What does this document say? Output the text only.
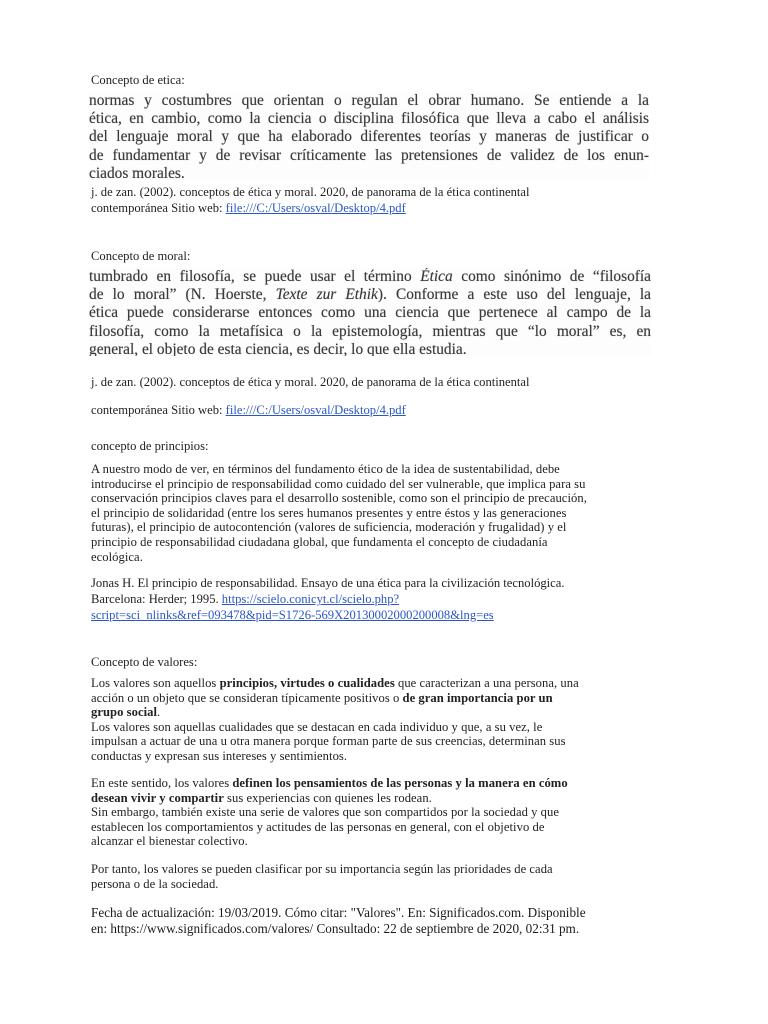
Concepto de etica:
normas y costumbres que orientan o regulan el obrar humano. Se entiende a la
ética, en cambio, como la ciencia o disciplina filosófica que lleva a cabo el análisis
del lenguaje moral y que ha elaborado diferentes teorías y maneras de justificar o
de fundamentar y de revisar críticamente las pretensiones de validez de los enun-
ciados morales.
j. de zan. (2002). conceptos de ética y moral. 2020, de panorama de la ética continental
contemporánea Sitio web: file:///C:/Users/osval/Desktop/4.pdf
Concepto de moral:
tumbrado en filosofía, se puede usar el término Ética como sinónimo de “filosofía
de lo moral” (N. Hoerste, Texte zur Ethik). Conforme a este uso del lenguaje, la
ética puede considerarse entonces como una ciencia que pertenece al campo de la
filosofía, como la metafísica o la epistemología, mientras que “lo moral” es, en
general, el objeto de esta ciencia, es decir, lo que ella estudia.
j. de zan. (2002). conceptos de ética y moral. 2020, de panorama de la ética continental
contemporánea Sitio web: file:///C:/Users/osval/Desktop/4.pdf
concepto de principios:
A nuestro modo de ver, en términos del fundamento ético de la idea de sustentabilidad, debe
introducirse el principio de responsabilidad como cuidado del ser vulnerable, que implica para su
conservación principios claves para el desarrollo sostenible, como son el principio de precaución,
el principio de solidaridad (entre los seres humanos presentes y entre éstos y las generaciones
futuras), el principio de autocontención (valores de suficiencia, moderación y frugalidad) y el
principio de responsabilidad ciudadana global, que fundamenta el concepto de ciudadanía
ecológica.
Jonas H. El principio de responsabilidad. Ensayo de una ética para la civilización tecnológica.
Barcelona: Herder; 1995. https://scielo.conicyt.cl/scielo.php?
script=sci_nlinks&ref=093478&pid=S1726-569X20130002000200008&lng=es
Concepto de valores:
Los valores son aquellos principios, virtudes o cualidades que caracterizan a una persona, una
acción o un objeto que se consideran típicamente positivos o de gran importancia por un
grupo social.
Los valores son aquellas cualidades que se destacan en cada individuo y que, a su vez, le
impulsan a actuar de una u otra manera porque forman parte de sus creencias, determinan sus
conductas y expresan sus intereses y sentimientos.
En este sentido, los valores definen los pensamientos de las personas y la manera en cómo
desean vivir y compartir sus experiencias con quienes les rodean.
Sin embargo, también existe una serie de valores que son compartidos por la sociedad y que
establecen los comportamientos y actitudes de las personas en general, con el objetivo de
alcanzar el bienestar colectivo.
Por tanto, los valores se pueden clasificar por su importancia según las prioridades de cada
persona o de la sociedad.
Fecha de actualización: 19/03/2019. Cómo citar: "Valores". En: Significados.com. Disponible
en: https://www.significados.com/valores/ Consultado: 22 de septiembre de 2020, 02:31 pm.
